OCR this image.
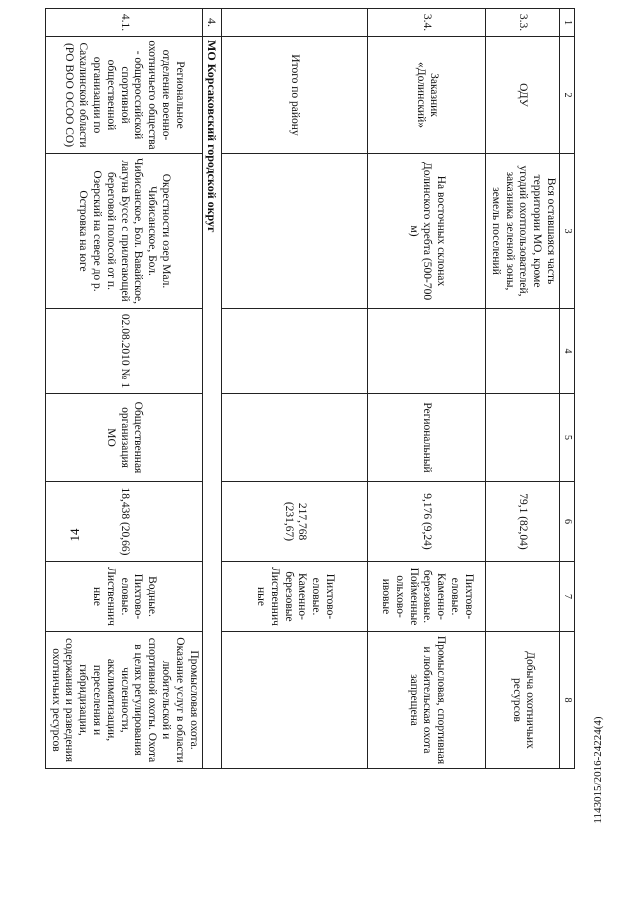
14
1	2	3	4	5	6	7	8
3.3.	ОДУ	Вся оставшаяся часть территории МО, кроме угодий охотпользователей, заказника зеленой зоны, земель поселений			79,1 (82,04)		Добыча охотничьих ресурсов
3.4.	Заказник «Долинский»	На восточных склонах Долинского хребта (500-700 м)		Региональный	9,176 (9,24)	Пихтово-еловые. Каменно-березовые. Пойменные ольхово-ивовые	Промысловая, спортивная и любительская охота запрещена
	Итого по району				217,768 (231,67)	Пихтово-еловые. Каменно-березовые Лиственничные	
4.	МО Корсаковский городской округ						
4.1.	Региональное отделение военно-охотничьего общества - общероссийской спортивной общественной организации по Сахалинской области (РО ВОО ОСОО СО)	Окрестности озер Мал. Чибисанское, Бол. Чибисанское, Бол. Вавайское, лагуна Буссе с прилегающей береговой полосой от п. Озерский на севере до р. Островка на юге	02.08.2010 № 1	Общественная организация МО	18,438 (20,66)	Водные. Пихтово-еловые. Лиственничные	Промысловая охота. Оказание услуг в области любительской и спортивной охоты. Охота в целях регулирования численности, акклиматизации, переселения и гибридизации, содержания и разведения охотничьих ресурсов
1143015/2016-24224(4)
